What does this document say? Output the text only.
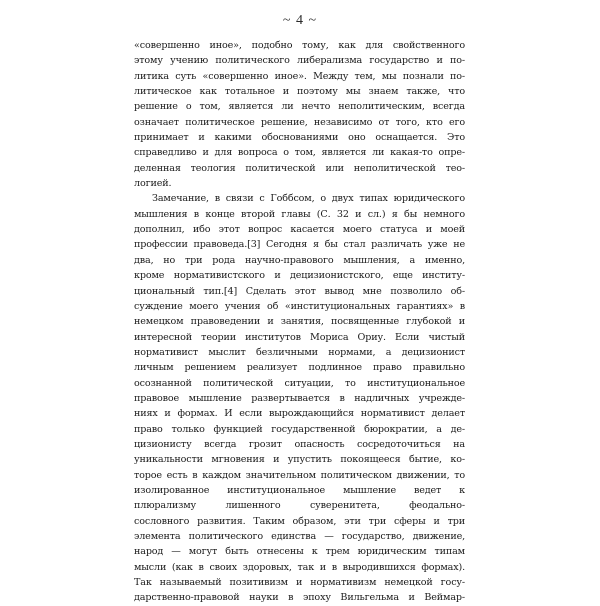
~ 4 ~
«совершенно иное», подобно тому, как для свойственного
этому учению политического либерализма государство и по-
литика суть «совершенно иное». Между тем, мы познали по-
литическое как тотальное и поэтому мы знаем также, что
решение о том, является ли нечто неполитическим, всегда
означает политическое решение, независимо от того, кто его
принимает и какими обоснованиями оно оснащается. Это
справедливо и для вопроса о том, является ли какая-то опре-
деленная теология политической или неполитической тео-
логией.
Замечание, в связи с Гоббсом, о двух типах юридического
мышления в конце второй главы (С. 32 и сл.) я бы немного
дополнил, ибо этот вопрос касается моего статуса и моей
профессии правоведа.[3] Сегодня я бы стал различать уже не
два, но три рода научно-правового мышления, а именно,
кроме нормативистского и децизионистского, еще институ-
циональный тип.[4] Сделать этот вывод мне позволило об-
суждение моего учения об «институциональных гарантиях» в
немецком правоведении и занятия, посвященные глубокой и
интересной теории институтов Мориса Ориу. Если чистый
нормативист мыслит безличными нормами, а децизионист
личным решением реализует подлинное право правильно
осознанной политической ситуации, то институциональное
правовое мышление развертывается в надличных учрежде-
ниях и формах. И если вырождающийся нормативист делает
право только функцией государственной бюрократии, а де-
цизионисту всегда грозит опасность сосредоточиться на
уникальности мгновения и упустить покоящееся бытие, ко-
торое есть в каждом значительном политическом движении, то
изолированное институциональное мышление ведет к
плюрализму лишенного суверенитета, феодально-
сословного развития. Таким образом, эти три сферы и три
элемента политического единства — государство, движение,
народ — могут быть отнесены к трем юридическим типам
мысли (как в своих здоровых, так и в выродившихся формах).
Так называемый позитивизм и нормативизм немецкой госу-
дарственно-правовой науки в эпоху Вильгельма и Веймар-
